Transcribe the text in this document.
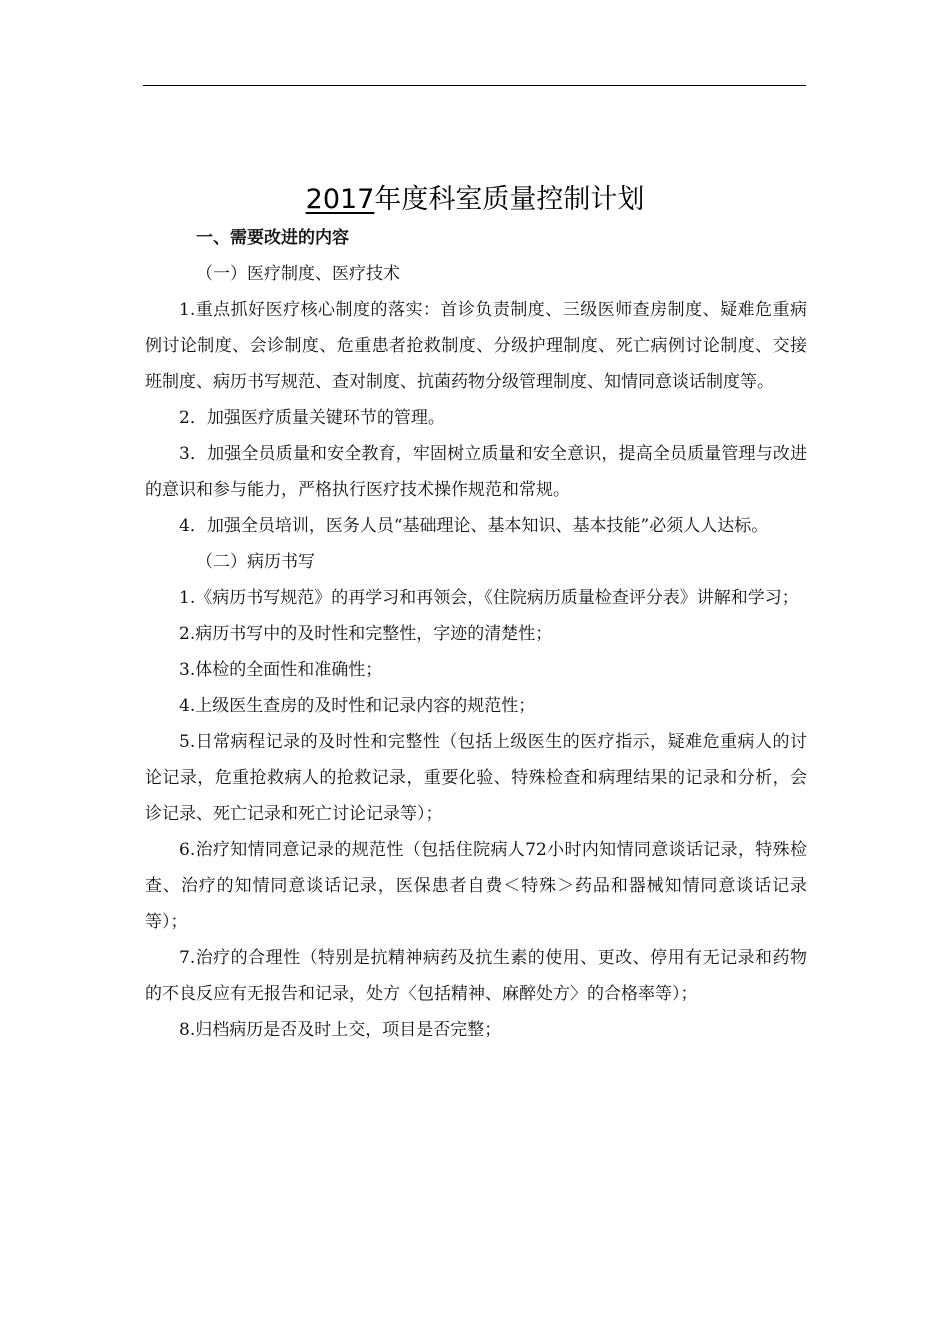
2017年度科室质量控制计划

一、需要改进的内容

（一）医疗制度、医疗技术

1.重点抓好医疗核心制度的落实：首诊负责制度、三级医师查房制度、疑难危重病例讨论制度、会诊制度、危重患者抢救制度、分级护理制度、死亡病例讨论制度、交接班制度、病历书写规范、查对制度、抗菌药物分级管理制度、知情同意谈话制度等。

2．加强医疗质量关键环节的管理。

3．加强全员质量和安全教育，牢固树立质量和安全意识，提高全员质量管理与改进的意识和参与能力，严格执行医疗技术操作规范和常规。

4．加强全员培训，医务人员“基础理论、基本知识、基本技能”必须人人达标。

（二）病历书写

1.《病历书写规范》的再学习和再领会，《住院病历质量检查评分表》讲解和学习；

2.病历书写中的及时性和完整性，字迹的清楚性；

3.体检的全面性和准确性；

4.上级医生查房的及时性和记录内容的规范性；

5.日常病程记录的及时性和完整性（包括上级医生的医疗指示，疑难危重病人的讨论记录，危重抢救病人的抢救记录，重要化验、特殊检查和病理结果的记录和分析，会诊记录、死亡记录和死亡讨论记录等）；

6.治疗知情同意记录的规范性（包括住院病人72小时内知情同意谈话记录，特殊检查、治疗的知情同意谈话记录，医保患者自费＜特殊＞药品和器械知情同意谈话记录等）；

7.治疗的合理性（特别是抗精神病药及抗生素的使用、更改、停用有无记录和药物的不良反应有无报告和记录，处方〈包括精神、麻醉处方〉的合格率等）；

8.归档病历是否及时上交，项目是否完整；
